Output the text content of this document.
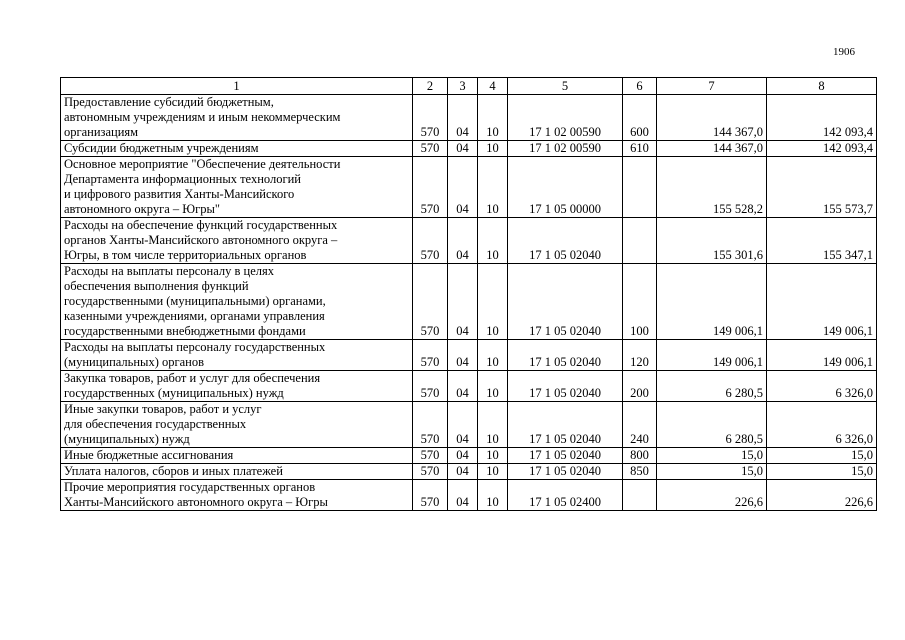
1906
1	2	3	4	5	6	7	8

Предоставление субсидий бюджетным,
автономным учреждениям и иным некоммерческим
организациям	570	04	10	17 1 02 00590	600	144 367,0	142 093,4

Субсидии бюджетным учреждениям	570	04	10	17 1 02 00590	610	144 367,0	142 093,4

Основное мероприятие "Обеспечение деятельности
Департамента информационных технологий
и цифрового развития Ханты-Мансийского
автономного округа – Югры"	570	04	10	17 1 05 00000		155 528,2	155 573,7

Расходы на обеспечение функций государственных
органов Ханты-Мансийского автономного округа –
Югры, в том числе территориальных органов	570	04	10	17 1 05 02040		155 301,6	155 347,1

Расходы на выплаты персоналу в целях
обеспечения выполнения функций
государственными (муниципальными) органами,
казенными учреждениями, органами управления
государственными внебюджетными фондами	570	04	10	17 1 05 02040	100	149 006,1	149 006,1

Расходы на выплаты персоналу государственных
(муниципальных) органов	570	04	10	17 1 05 02040	120	149 006,1	149 006,1

Закупка товаров, работ и услуг для обеспечения
государственных (муниципальных) нужд	570	04	10	17 1 05 02040	200	6 280,5	6 326,0

Иные закупки товаров, работ и услуг
для обеспечения государственных
(муниципальных) нужд	570	04	10	17 1 05 02040	240	6 280,5	6 326,0

Иные бюджетные ассигнования	570	04	10	17 1 05 02040	800	15,0	15,0

Уплата налогов, сборов и иных платежей	570	04	10	17 1 05 02040	850	15,0	15,0

Прочие мероприятия государственных органов
Ханты-Мансийского автономного округа – Югры	570	04	10	17 1 05 02400		226,6	226,6
